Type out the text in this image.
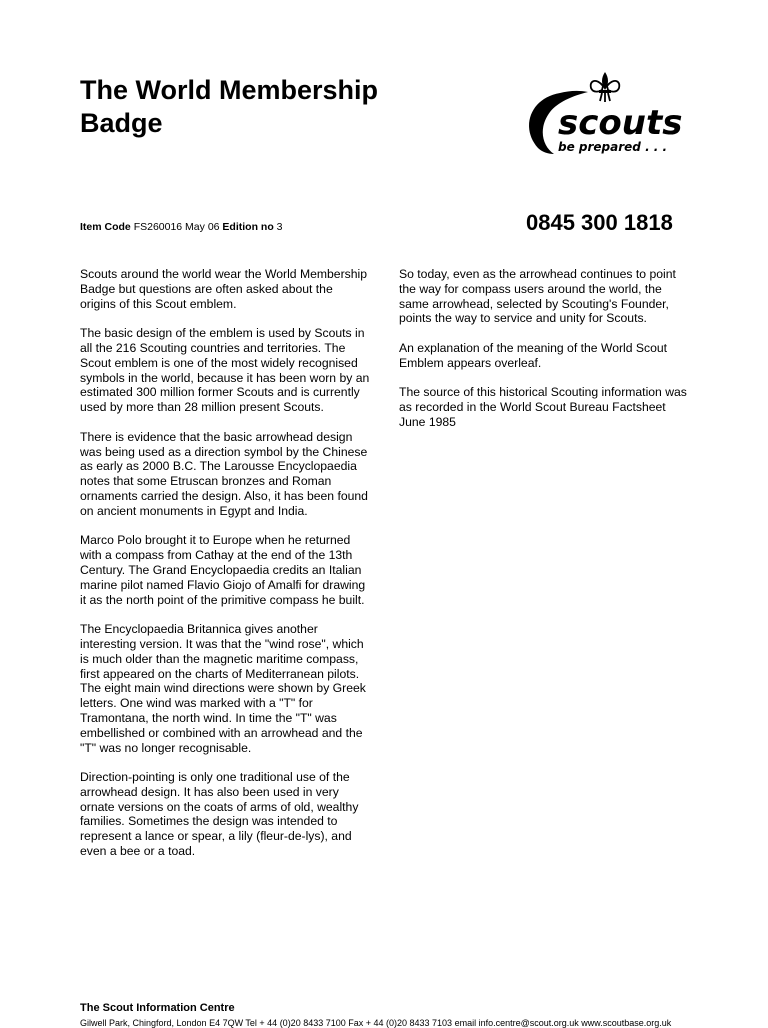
The World Membership
Badge	scouts
be prepared . . .
Item Code FS260016 May 06 Edition no 3	0845 300 1818

Scouts around the world wear the World Membership Badge but questions are often asked about the origins of this Scout emblem.

The basic design of the emblem is used by Scouts in all the 216 Scouting countries and territories. The Scout emblem is one of the most widely recognised symbols in the world, because it has been worn by an estimated 300 million former Scouts and is currently used by more than 28 million present Scouts.

There is evidence that the basic arrowhead design was being used as a direction symbol by the Chinese as early as 2000 B.C. The Larousse Encyclopaedia notes that some Etruscan bronzes and Roman ornaments carried the design. Also, it has been found on ancient monuments in Egypt and India.

Marco Polo brought it to Europe when he returned with a compass from Cathay at the end of the 13th Century. The Grand Encyclopaedia credits an Italian marine pilot named Flavio Giojo of Amalfi for drawing it as the north point of the primitive compass he built.

The Encyclopaedia Britannica gives another interesting version. It was that the "wind rose", which is much older than the magnetic maritime compass, first appeared on the charts of Mediterranean pilots. The eight main wind directions were shown by Greek letters. One wind was marked with a "T" for Tramontana, the north wind. In time the "T" was embellished or combined with an arrowhead and the "T" was no longer recognisable.

Direction-pointing is only one traditional use of the arrowhead design. It has also been used in very ornate versions on the coats of arms of old, wealthy families. Sometimes the design was intended to represent a lance or spear, a lily (fleur-de-lys), and even a bee or a toad.

So today, even as the arrowhead continues to point the way for compass users around the world, the same arrowhead, selected by Scouting's Founder, points the way to service and unity for Scouts.

An explanation of the meaning of the World Scout Emblem appears overleaf.

The source of this historical Scouting information was as recorded in the World Scout Bureau Factsheet June 1985

The Scout Information Centre
Gilwell Park, Chingford, London E4 7QW Tel + 44 (0)20 8433 7100 Fax + 44 (0)20 8433 7103 email info.centre@scout.org.uk www.scoutbase.org.uk
